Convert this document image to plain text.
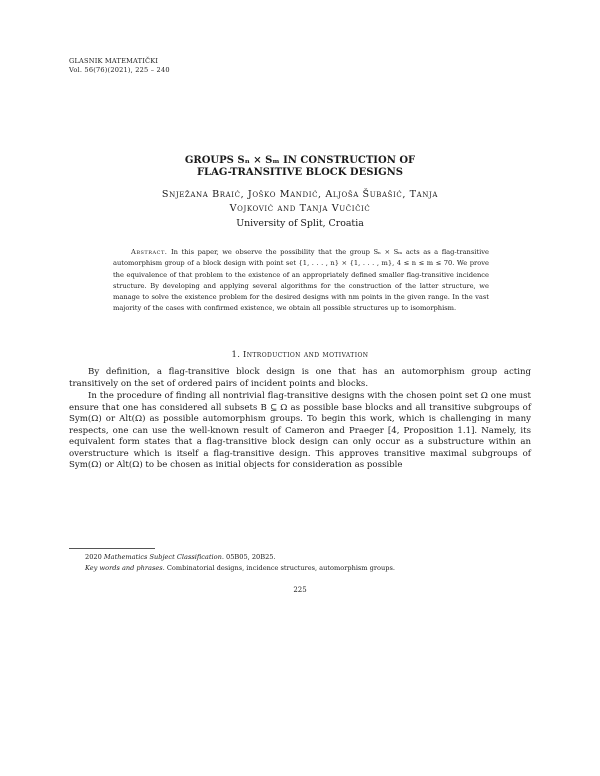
GLASNIK MATEMATIČKI
Vol. 56(76)(2021), 225 – 240
GROUPS Sₙ × Sₘ IN CONSTRUCTION OF
FLAG-TRANSITIVE BLOCK DESIGNS
Snježana Braić, Joško Mandić, Aljoša Šubašić, Tanja
Vojković and Tanja Vučičić
University of Split, Croatia
Abstract. In this paper, we observe the possibility that the group Sₙ × Sₘ acts as a flag-transitive automorphism group of a block design with point set {1, . . . , n} × {1, . . . , m}, 4 ≤ n ≤ m ≤ 70. We prove the equivalence of that problem to the existence of an appropriately defined smaller flag-transitive incidence structure. By developing and applying several algorithms for the construction of the latter structure, we manage to solve the existence problem for the desired designs with nm points in the given range. In the vast majority of the cases with confirmed existence, we obtain all possible structures up to isomorphism.
1. Introduction and motivation

By definition, a flag-transitive block design is one that has an automorphism group acting transitively on the set of ordered pairs of incident points and blocks.

In the procedure of finding all nontrivial flag-transitive designs with the chosen point set Ω one must ensure that one has considered all subsets B ⊆ Ω as possible base blocks and all transitive subgroups of Sym(Ω) or Alt(Ω) as possible automorphism groups. To begin this work, which is challenging in many respects, one can use the well-known result of Cameron and Praeger [4, Proposition 1.1]. Namely, its equivalent form states that a flag-transitive block design can only occur as a substructure within an overstructure which is itself a flag-transitive design. This approves transitive maximal subgroups of Sym(Ω) or Alt(Ω) to be chosen as initial objects for consideration as possible

2020 Mathematics Subject Classification. 05B05, 20B25.
Key words and phrases. Combinatorial designs, incidence structures, automorphism groups.
225
